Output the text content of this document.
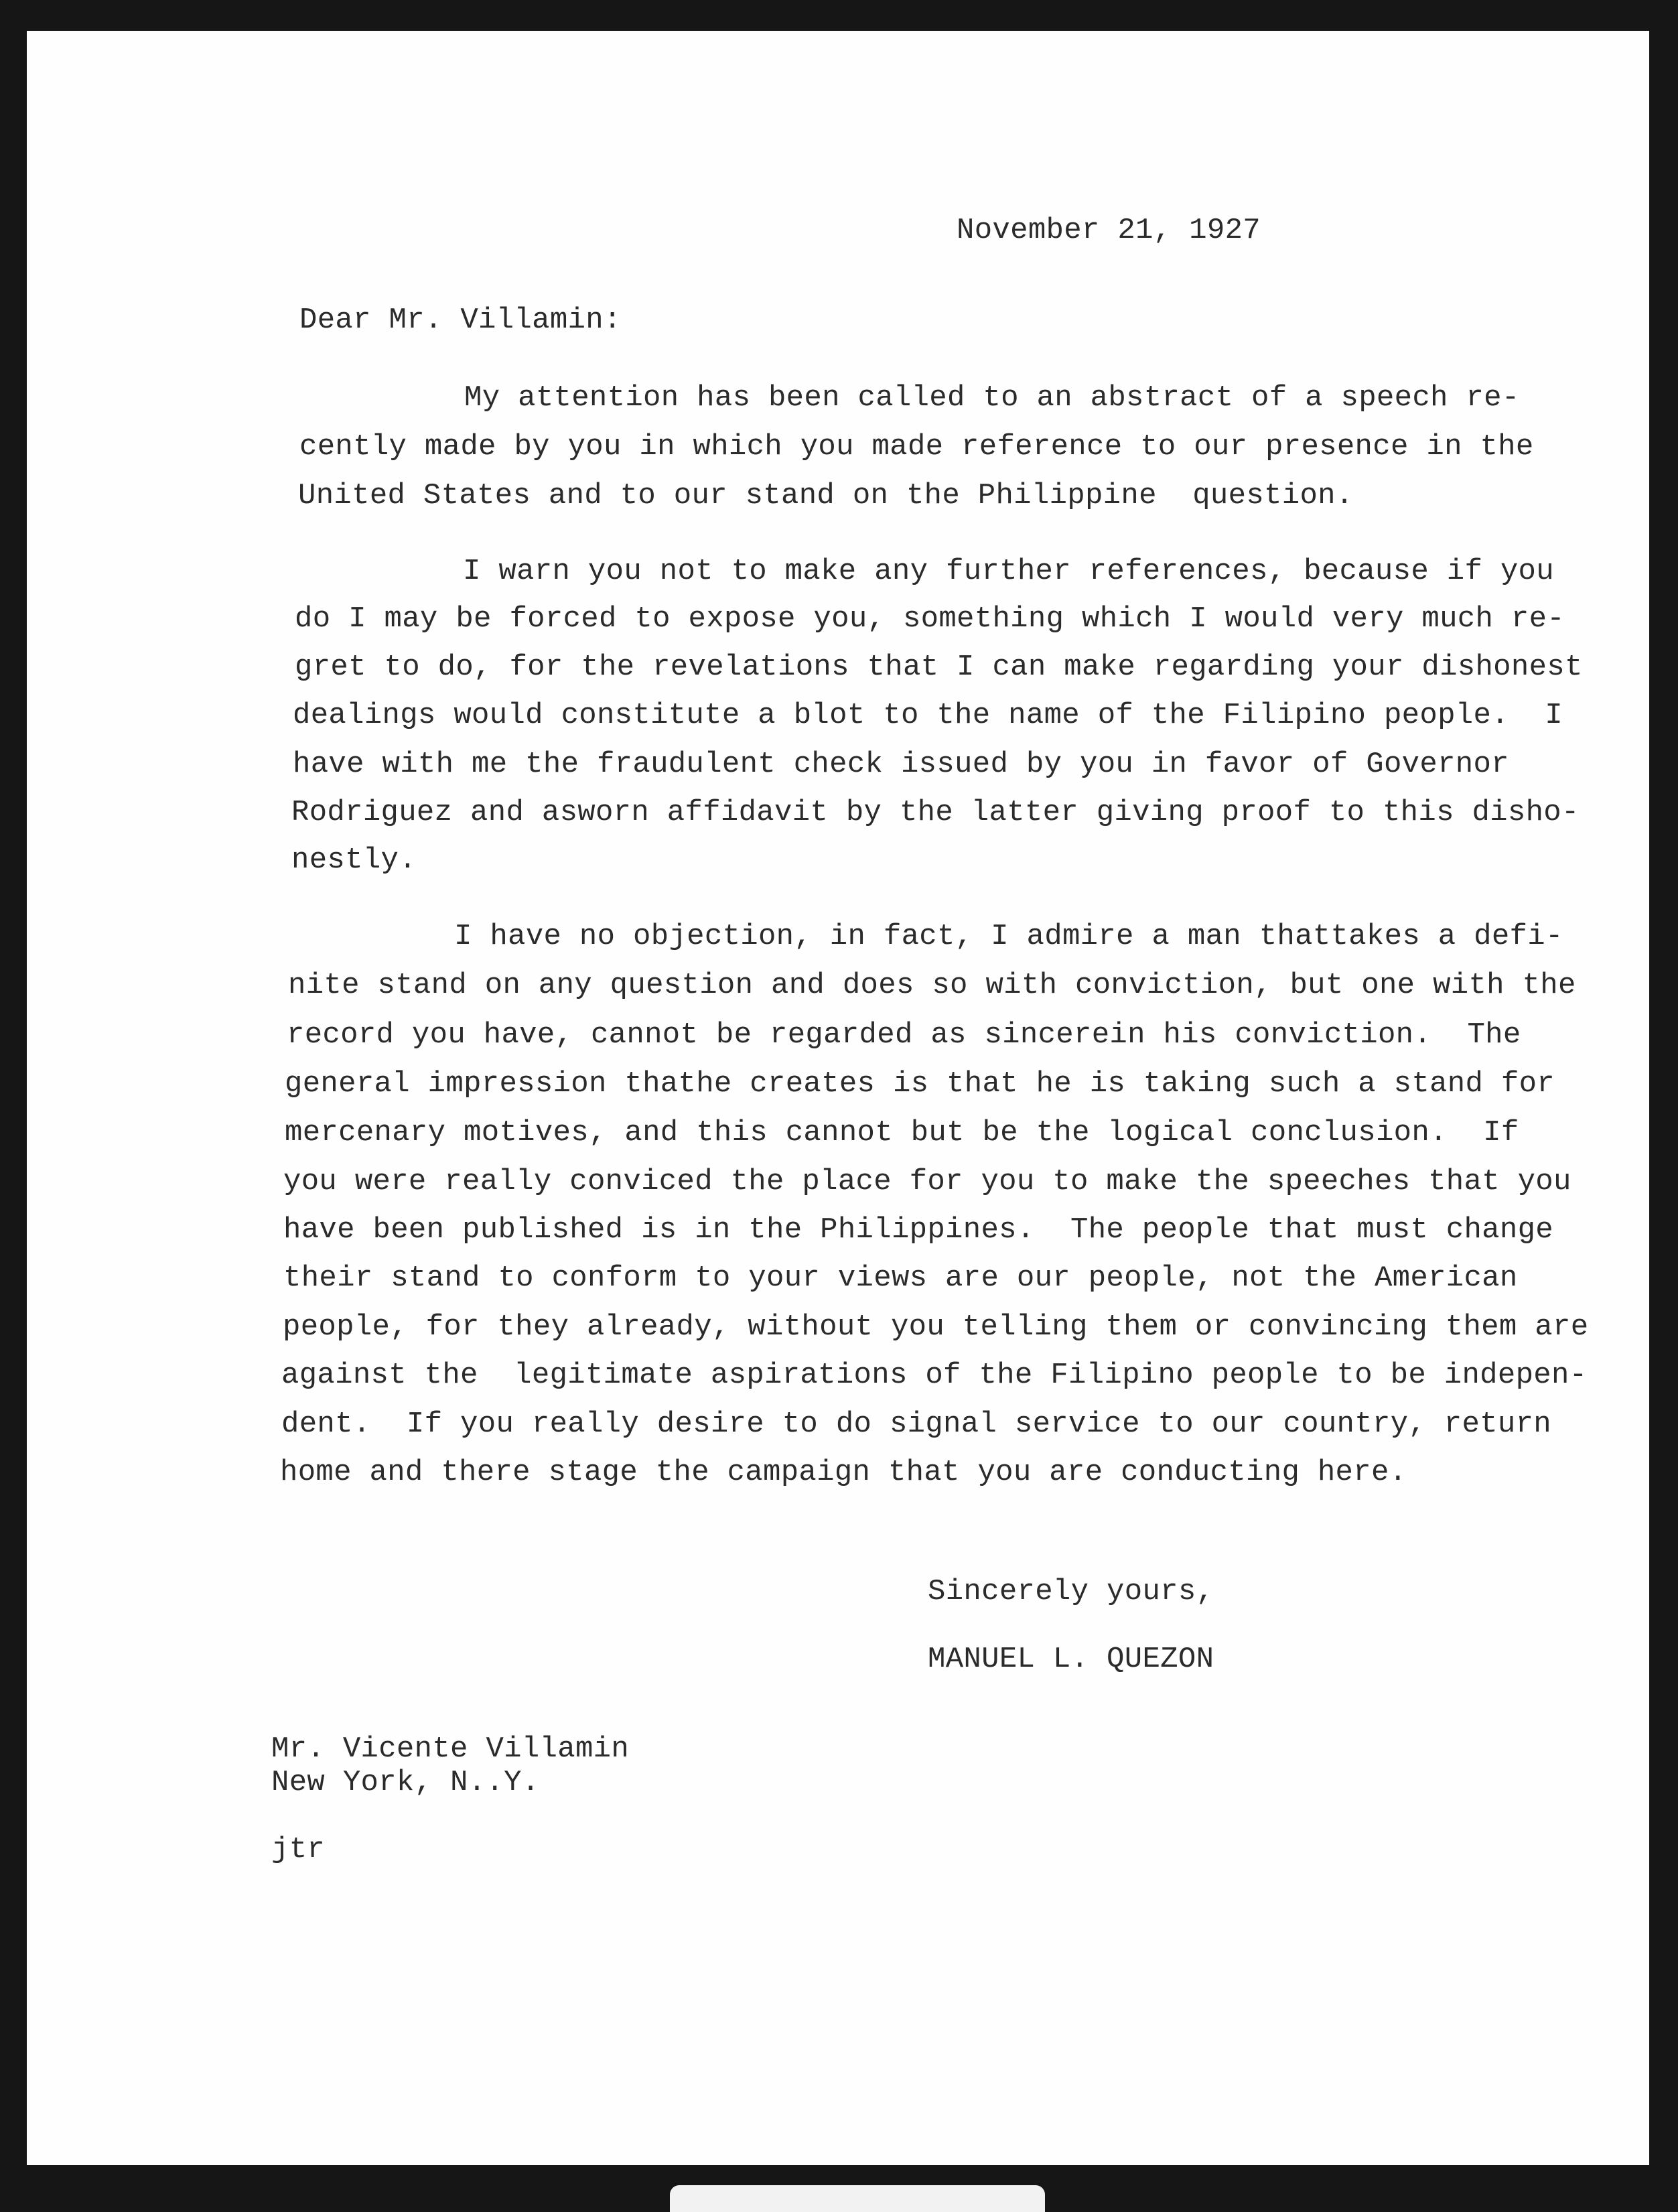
November 21, 1927
Dear Mr. Villamin:
My attention has been called to an abstract of a speech re-
cently made by you in which you made reference to our presence in the
United States and to our stand on the Philippine  question.
I warn you not to make any further references, because if you
do I may be forced to expose you, something which I would very much re-
gret to do, for the revelations that I can make regarding your dishonest
dealings would constitute a blot to the name of the Filipino people.  I
have with me the fraudulent check issued by you in favor of Governor
Rodriguez and asworn affidavit by the latter giving proof to this disho-
nestly.
I have no objection, in fact, I admire a man thattakes a defi-
nite stand on any question and does so with conviction, but one with the
record you have, cannot be regarded as sincerein his conviction.  The
general impression thathe creates is that he is taking such a stand for
mercenary motives, and this cannot but be the logical conclusion.  If
you were really conviced the place for you to make the speeches that you
have been published is in the Philippines.  The people that must change
their stand to conform to your views are our people, not the American
people, for they already, without you telling them or convincing them are
against the  legitimate aspirations of the Filipino people to be indepen-
dent.  If you really desire to do signal service to our country, return
home and there stage the campaign that you are conducting here.
Sincerely yours,
MANUEL L. QUEZON
Mr. Vicente Villamin
New York, N..Y.
jtr
